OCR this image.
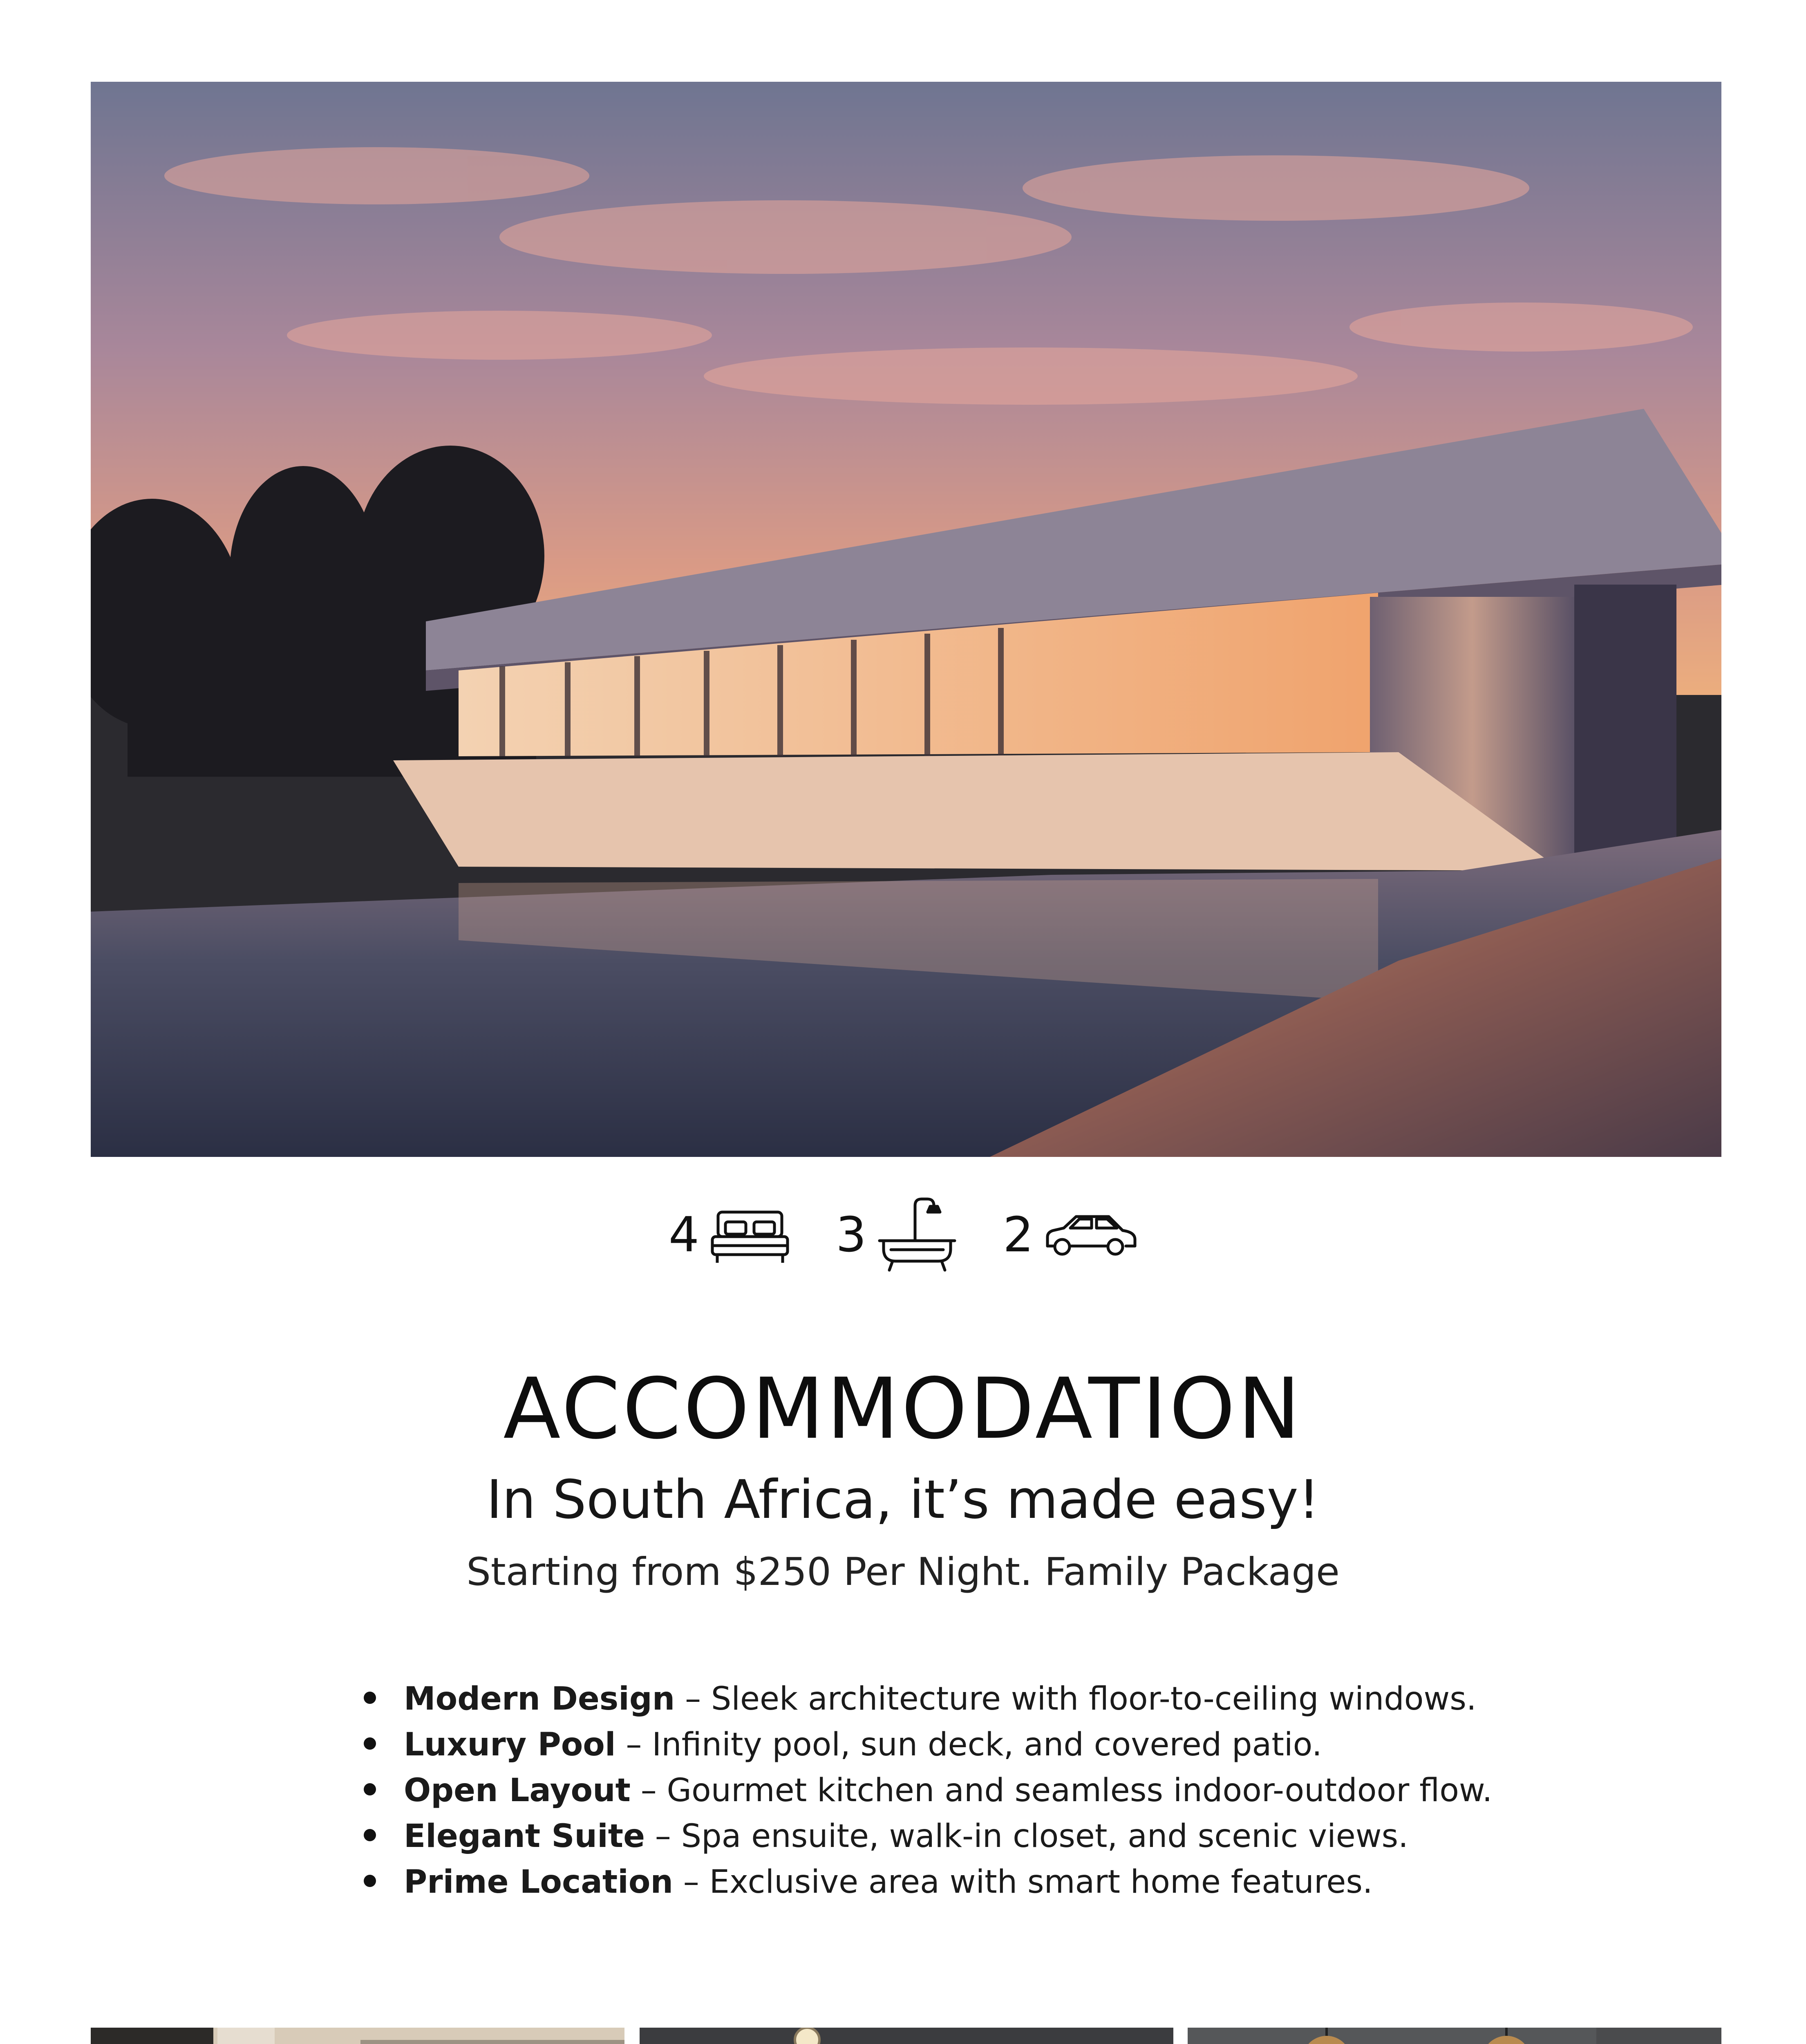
4	3	2
ACCOMMODATION
In South Africa, it’s made easy!
Starting from $250 Per Night. Family Package
Modern Design – Sleek architecture with floor-to-ceiling windows.
Luxury Pool – Infinity pool, sun deck, and covered patio.
Open Layout – Gourmet kitchen and seamless indoor-outdoor flow.
Elegant Suite – Spa ensuite, walk-in closet, and scenic views.
Prime Location – Exclusive area with smart home features.
